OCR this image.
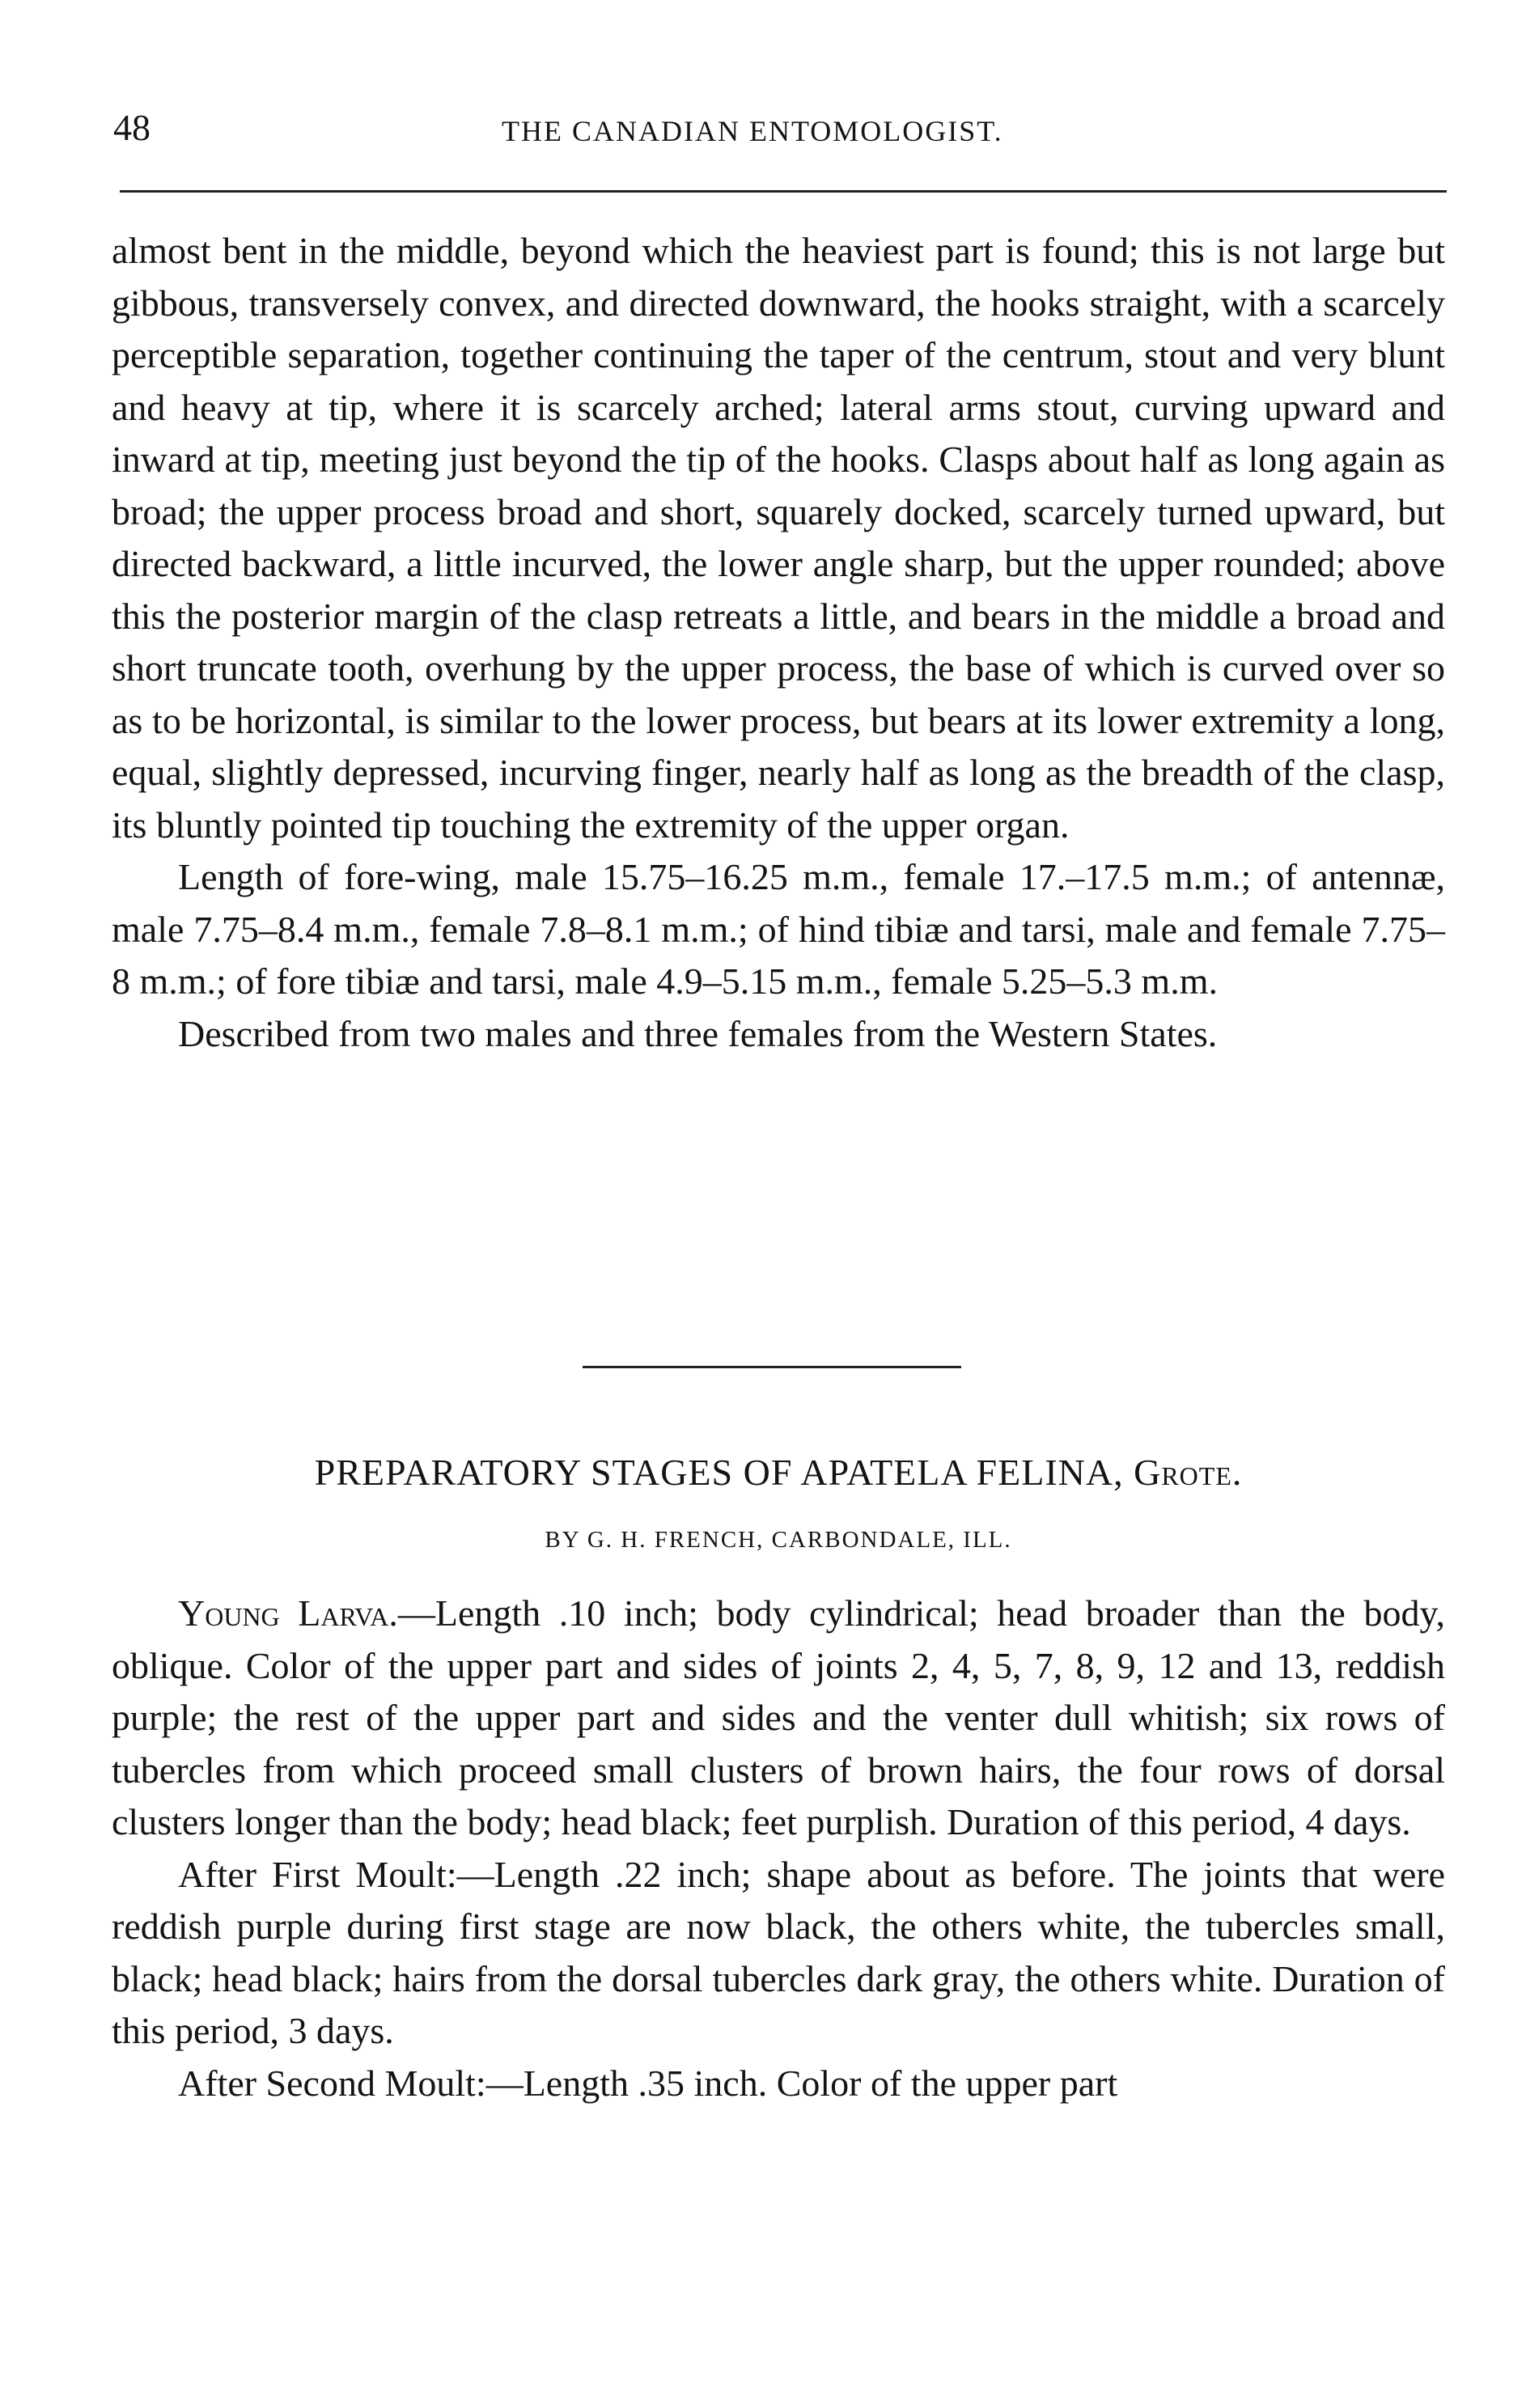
48	THE CANADIAN ENTOMOLOGIST.

almost bent in the middle, beyond which the heaviest part is found; this is not large but gibbous, transversely convex, and directed downward, the hooks straight, with a scarcely perceptible separation, together continuing the taper of the centrum, stout and very blunt and heavy at tip, where it is scarcely arched; lateral arms stout, curving upward and inward at tip, meeting just beyond the tip of the hooks. Clasps about half as long again as broad; the upper process broad and short, squarely docked, scarcely turned upward, but directed backward, a little incurved, the lower angle sharp, but the upper rounded; above this the posterior margin of the clasp retreats a little, and bears in the middle a broad and short truncate tooth, overhung by the upper process, the base of which is curved over so as to be horizontal, is similar to the lower process, but bears at its lower extremity a long, equal, slightly depressed, incurving finger, nearly half as long as the breadth of the clasp, its bluntly pointed tip touching the extremity of the upper organ.

Length of fore-wing, male 15.75–16.25 m.m., female 17.–17.5 m.m.; of antennæ, male 7.75–8.4 m.m., female 7.8–8.1 m.m.; of hind tibiæ and tarsi, male and female 7.75–8 m.m.; of fore tibiæ and tarsi, male 4.9–5.15 m.m., female 5.25–5.3 m.m.

Described from two males and three females from the Western States.

PREPARATORY STAGES OF APATELA FELINA, Grote.
BY G. H. FRENCH, CARBONDALE, ILL.

Young Larva.—Length .10 inch; body cylindrical; head broader than the body, oblique. Color of the upper part and sides of joints 2, 4, 5, 7, 8, 9, 12 and 13, reddish purple; the rest of the upper part and sides and the venter dull whitish; six rows of tubercles from which proceed small clusters of brown hairs, the four rows of dorsal clusters longer than the body; head black; feet purplish. Duration of this period, 4 days.

After First Moult:—Length .22 inch; shape about as before. The joints that were reddish purple during first stage are now black, the others white, the tubercles small, black; head black; hairs from the dorsal tubercles dark gray, the others white. Duration of this period, 3 days.

After Second Moult:—Length .35 inch. Color of the upper part
